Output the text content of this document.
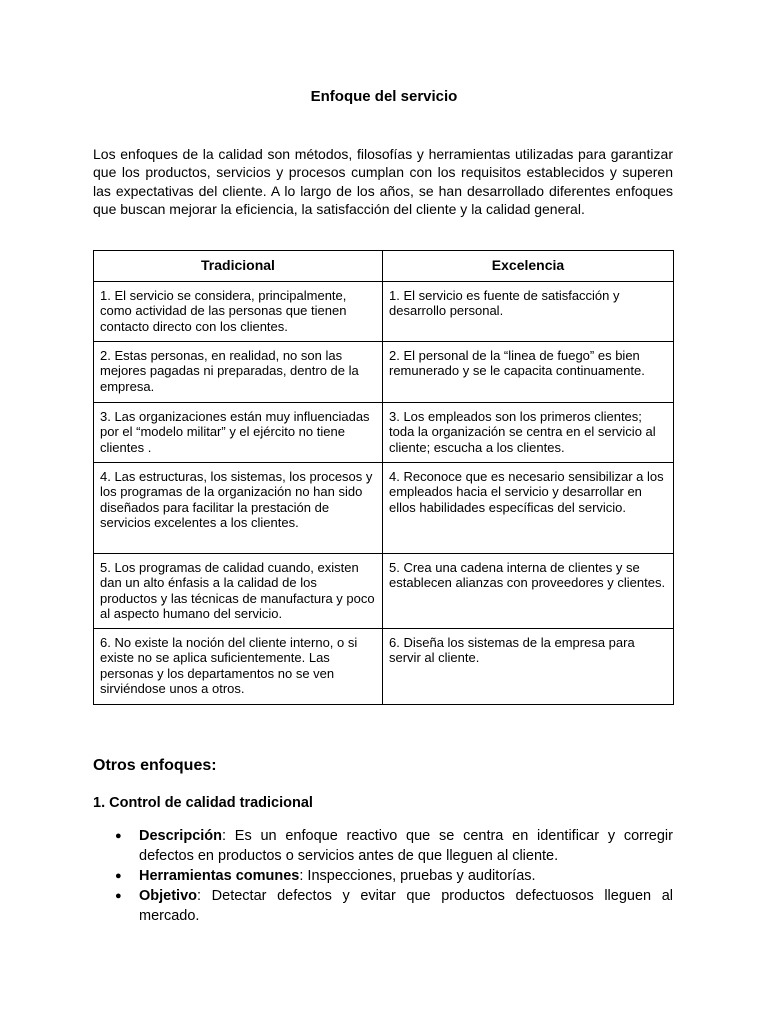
Enfoque del servicio

Los enfoques de la calidad son métodos, filosofías y herramientas utilizadas para garantizar que los productos, servicios y procesos cumplan con los requisitos establecidos y superen las expectativas del cliente. A lo largo de los años, se han desarrollado diferentes enfoques que buscan mejorar la eficiencia, la satisfacción del cliente y la calidad general.

Tradicional	Excelencia
1. El servicio se considera, principalmente, como actividad de las personas que tienen contacto directo con los clientes.	1. El servicio es fuente de satisfacción y desarrollo personal.
2. Estas personas, en realidad, no son las mejores pagadas ni preparadas, dentro de la empresa.	2. El personal de la “linea de fuego” es bien remunerado y se le capacita continuamente.
3. Las organizaciones están muy influenciadas por el “modelo militar” y el ejército no tiene clientes .	3. Los empleados son los primeros clientes; toda la organización se centra en el servicio al cliente; escucha a los clientes.
4. Las estructuras, los sistemas, los procesos y los programas de la organización no han sido diseñados para facilitar la prestación de servicios excelentes a los clientes.	4. Reconoce que es necesario sensibilizar a los empleados hacia el servicio y desarrollar en ellos habilidades específicas del servicio.
5. Los programas de calidad cuando, existen dan un alto énfasis a la calidad de los productos y las técnicas de manufactura y poco al aspecto humano del servicio.	5. Crea una cadena interna de clientes y se establecen alianzas con proveedores y clientes.
6. No existe la noción del cliente interno, o si existe no se aplica suficientemente. Las personas y los departamentos no se ven sirviéndose unos a otros.	6. Diseña los sistemas de la empresa para servir al cliente.
Otros enfoques:
1. Control de calidad tradicional
● Descripción: Es un enfoque reactivo que se centra en identificar y corregir defectos en productos o servicios antes de que lleguen al cliente.
● Herramientas comunes: Inspecciones, pruebas y auditorías.
● Objetivo: Detectar defectos y evitar que productos defectuosos lleguen al mercado.
